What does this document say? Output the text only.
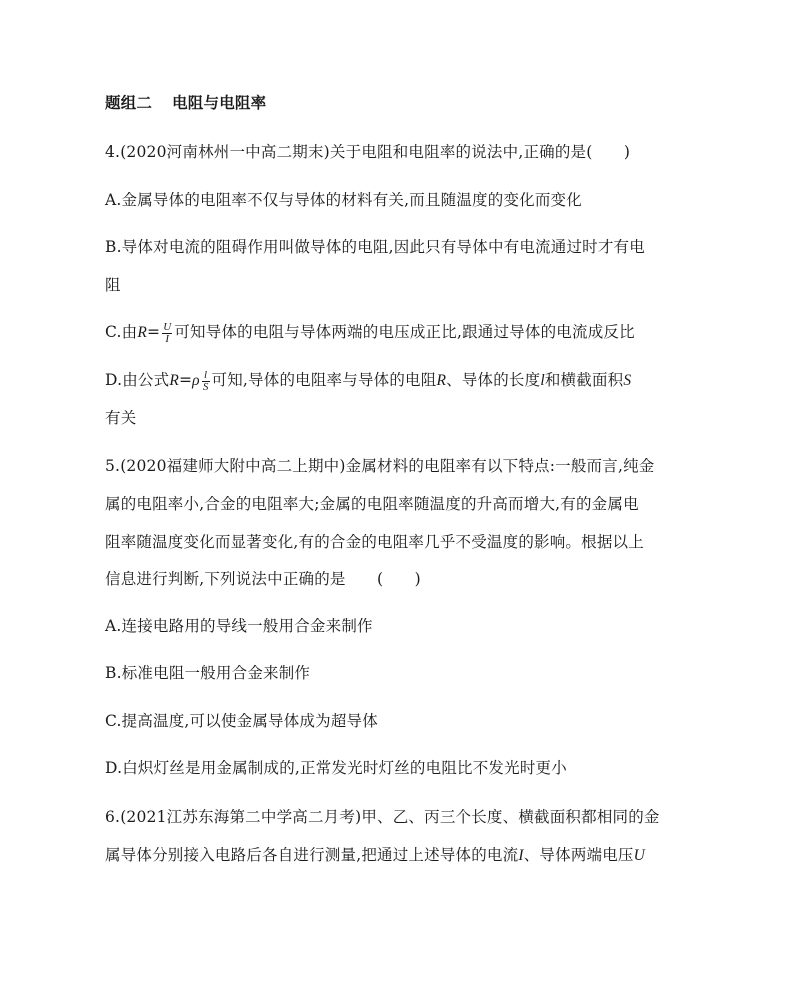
题组二 电阻与电阻率
4.(2020河南林州一中高二期末)关于电阻和电阻率的说法中,正确的是(　　)
A.金属导体的电阻率不仅与导体的材料有关,而且随温度的变化而变化
B.导体对电流的阻碍作用叫做导体的电阻,因此只有导体中有电流通过时才有电
阻
C.由$R= \frac{U}{I}$ 可知导体的电阻与导体两端的电压成正比,跟通过导体的电流成反比
D.由公式$R=\rho \frac{l}{S}$ 可知,导体的电阻率与导体的电阻R、导体的长度l和横截面积S
有关
5.(2020福建师大附中高二上期中)金属材料的电阻率有以下特点:一般而言,纯金
属的电阻率小,合金的电阻率大;金属的电阻率随温度的升高而增大,有的金属电
阻率随温度变化而显著变化,有的合金的电阻率几乎不受温度的影响。根据以上
信息进行判断,下列说法中正确的是　　(　　)
A.连接电路用的导线一般用合金来制作
B.标准电阻一般用合金来制作
C.提高温度,可以使金属导体成为超导体
D.白炽灯丝是用金属制成的,正常发光时灯丝的电阻比不发光时更小
6.(2021江苏东海第二中学高二月考)甲、乙、丙三个长度、横截面积都相同的金
属导体分别接入电路后各自进行测量,把通过上述导体的电流I、导体两端电压U
